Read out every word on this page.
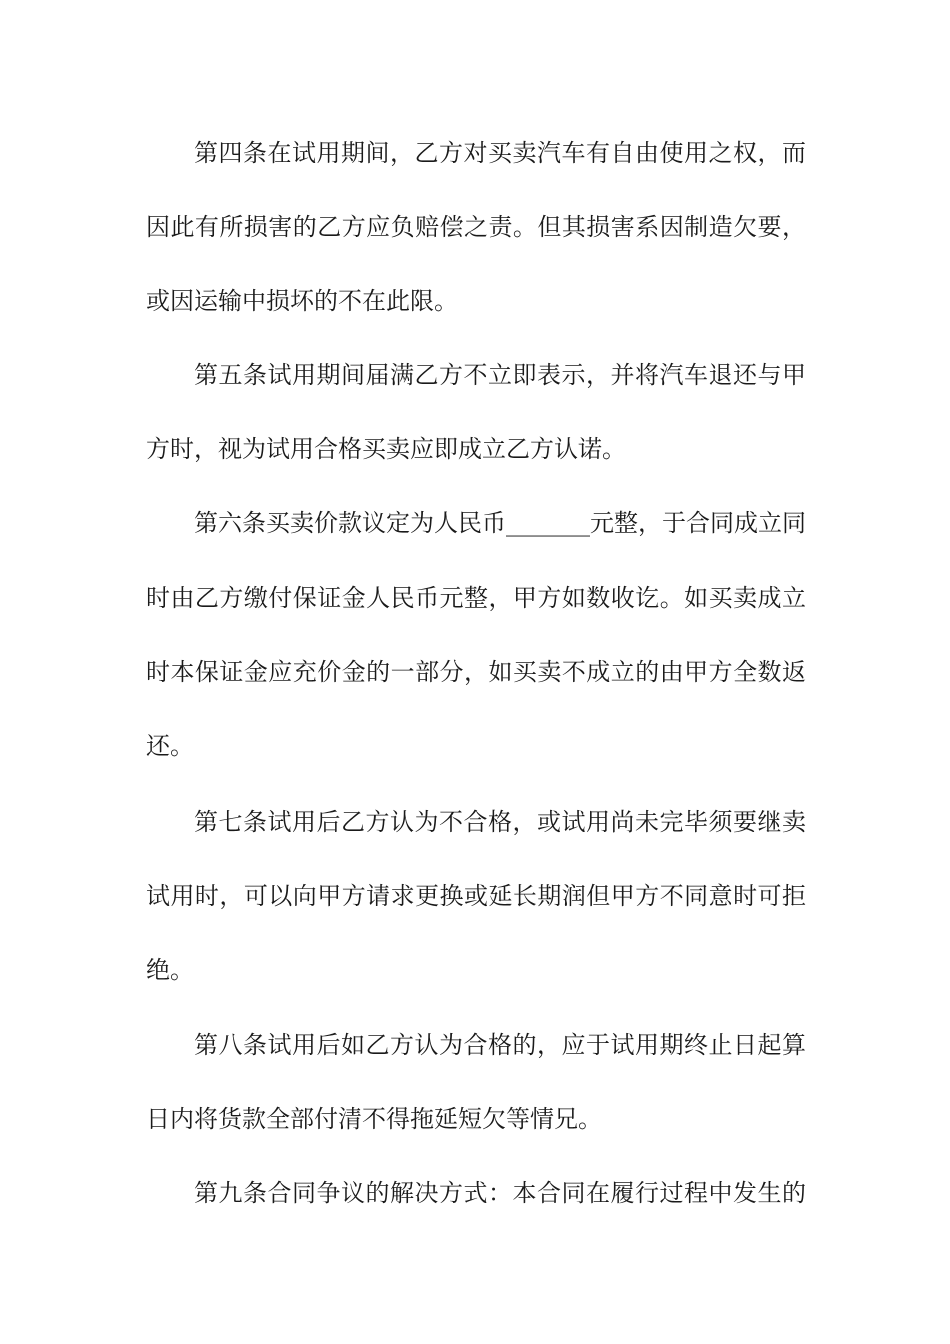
第四条在试用期间，乙方对买卖汽车有自由使用之权，而
因此有所损害的乙方应负赔偿之责。但其损害系因制造欠要，
或因运输中损坏的不在此限。
第五条试用期间届满乙方不立即表示，并将汽车退还与甲
方时，视为试用合格买卖应即成立乙方认诺。
第六条买卖价款议定为人民币_______元整，于合同成立同
时由乙方缴付保证金人民币元整，甲方如数收讫。如买卖成立
时本保证金应充价金的一部分，如买卖不成立的由甲方全数返
还。
第七条试用后乙方认为不合格，或试用尚未完毕须要继卖
试用时，可以向甲方请求更换或延长期润但甲方不同意时可拒
绝。
第八条试用后如乙方认为合格的，应于试用期终止日起算
日内将货款全部付清不得拖延短欠等情兄。
第九条合同争议的解决方式：本合同在履行过程中发生的
